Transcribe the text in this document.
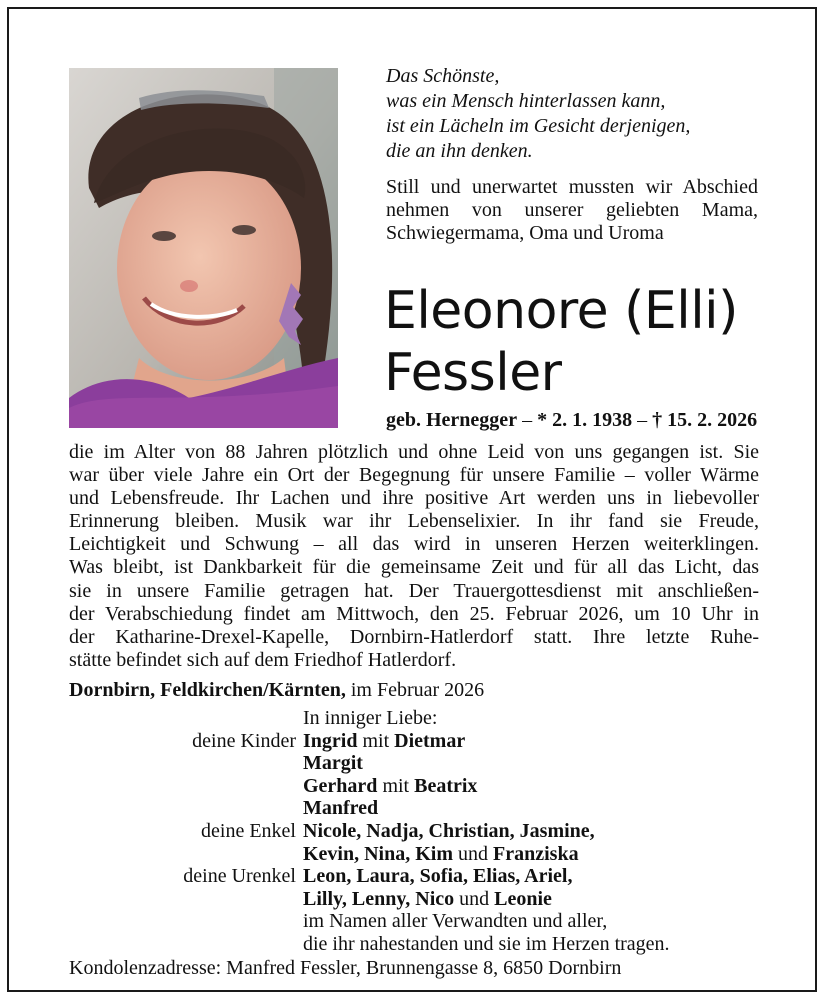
Das Schönste,
was ein Mensch hinterlassen kann,
ist ein Lächeln im Gesicht derjenigen,
die an ihn denken.

Still und unerwartet mussten wir Abschied nehmen von unserer geliebten Mama, Schwiegermama, Oma und Uroma

Eleonore (Elli)
Fessler
geb. Hernegger – * 2. 1. 1938 – † 15. 2. 2026
die im Alter von 88 Jahren plötzlich und ohne Leid von uns gegangen ist. Sie
war über viele Jahre ein Ort der Begegnung für unsere Familie – voller Wärme
und Lebensfreude. Ihr Lachen und ihre positive Art werden uns in liebevoller
Erinnerung bleiben. Musik war ihr Lebenselixier. In ihr fand sie Freude,
Leichtigkeit und Schwung – all das wird in unseren Herzen weiterklingen.
Was bleibt, ist Dankbarkeit für die gemeinsame Zeit und für all das Licht, das
sie in unsere Familie getragen hat. Der Trauergottesdienst mit anschließen-
der Verabschiedung findet am Mittwoch, den 25. Februar 2026, um 10 Uhr in
der Katharine-Drexel-Kapelle, Dornbirn-Hatlerdorf statt. Ihre letzte Ruhe-
stätte befindet sich auf dem Friedhof Hatlerdorf.
Dornbirn, Feldkirchen/Kärnten, im Februar 2026
In inniger Liebe:
deine Kinder Ingrid mit Dietmar
Margit
Gerhard mit Beatrix
Manfred
deine Enkel Nicole, Nadja, Christian, Jasmine,
Kevin, Nina, Kim und Franziska
deine Urenkel Leon, Laura, Sofia, Elias, Ariel,
Lilly, Lenny, Nico und Leonie
im Namen aller Verwandten und aller,
die ihr nahestanden und sie im Herzen tragen.
Kondolenzadresse: Manfred Fessler, Brunnengasse 8, 6850 Dornbirn
